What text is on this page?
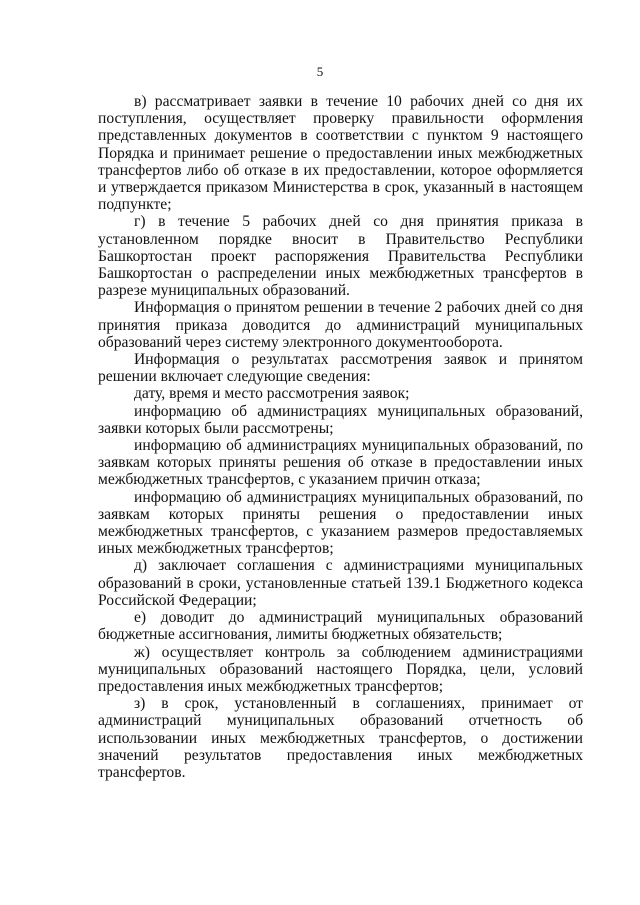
5

в) рассматривает заявки в течение 10 рабочих дней со дня их поступления, осуществляет проверку правильности оформления представленных документов в соответствии с пунктом 9 настоящего Порядка и принимает решение о предоставлении иных межбюджетных трансфертов либо об отказе в их предоставлении, которое оформляется и утверждается приказом Министерства в срок, указанный в настоящем подпункте;

г) в течение 5 рабочих дней со дня принятия приказа в установленном порядке вносит в Правительство Республики Башкортостан проект распоряжения Правительства Республики Башкортостан о распределении иных межбюджетных трансфертов в разрезе муниципальных образований.

Информация о принятом решении в течение 2 рабочих дней со дня принятия приказа доводится до администраций муниципальных образований через систему электронного документооборота.

Информация о результатах рассмотрения заявок и принятом решении включает следующие сведения:

дату, время и место рассмотрения заявок;

информацию об администрациях муниципальных образований, заявки которых были рассмотрены;

информацию об администрациях муниципальных образований, по заявкам которых приняты решения об отказе в предоставлении иных межбюджетных трансфертов, с указанием причин отказа;

информацию об администрациях муниципальных образований, по заявкам которых приняты решения о предоставлении иных межбюджетных трансфертов, с указанием размеров предоставляемых иных межбюджетных трансфертов;

д) заключает соглашения с администрациями муниципальных образований в сроки, установленные статьей 139.1 Бюджетного кодекса Российской Федерации;

е) доводит до администраций муниципальных образований бюджетные ассигнования, лимиты бюджетных обязательств;

ж) осуществляет контроль за соблюдением администрациями муниципальных образований настоящего Порядка, цели, условий предоставления иных межбюджетных трансфертов;

з) в срок, установленный в соглашениях, принимает от администраций муниципальных образований отчетность об использовании иных межбюджетных трансфертов, о достижении значений результатов предоставления иных межбюджетных трансфертов.
